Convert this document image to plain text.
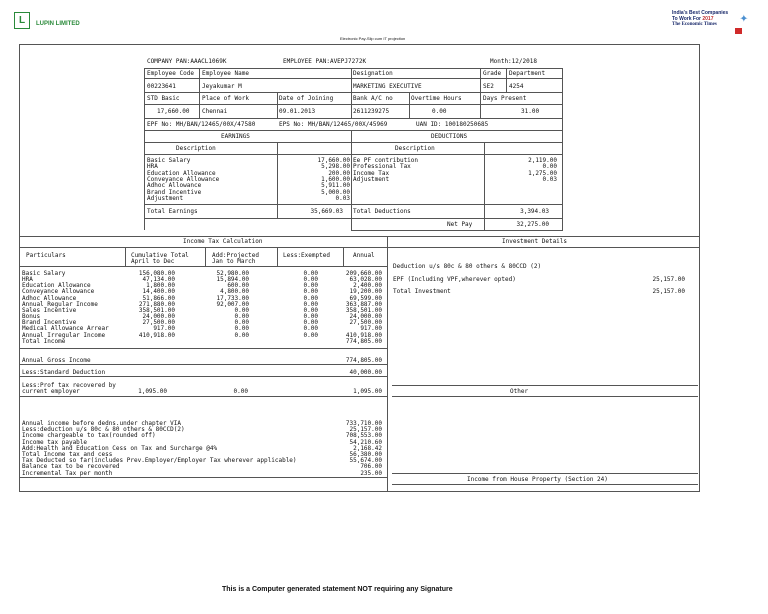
L	LUPIN LIMITED
India's Best Companies
To Work For 2017
The Economic Times	✦
Electronic Pay-Slip cum IT projection
COMPANY PAN:AAACL1069K	EMPLOYEE PAN:AVEPJ7272K	Month:12/2018
Employee Code Employee Name	Designation	Grade Department
00223641	Jeyakumar M	MARKETING EXECUTIVE	SE2	4254
STD Basic	Place of Work	Date of Joining	Bank A/C no	Overtime Hours	Days Present
17,660.00 Chennai	09.01.2013	2611239275	0.00	31.00
EPF No: MH/BAN/12465/00X/47580	EPS No: MH/BAN/12465/00X/45969	UAN ID: 100180250685
EARNINGS	DEDUCTIONS
Description	Description
Basic Salary	17,660.00
HRA	5,298.00
Education Allowance	200.00
Conveyance Allowance	1,600.00
Adhoc Allowance	5,911.00
Brand Incentive	5,000.00
Adjustment	0.03
Ee PF contribution	2,119.00
Professional Tax	0.00
Income Tax	1,275.00
Adjustment	0.03
Total Earnings	35,669.03 Total Deductions	3,394.03
Net Pay	32,275.00
Income Tax Calculation	Investment Details
Particulars	Cumulative Total
April to Dec
Add:Projected
Jan to March
Less:Exempted	Annual
Basic Salary	156,080.00	52,980.00	0.00	209,660.00
HRA	47,134.00	15,894.00	0.00	63,028.00
Education Allowance	1,800.00	600.00	0.00	2,400.00
Conveyance Allowance	14,400.00	4,800.00	0.00	19,200.00
Adhoc Allowance	51,866.00	17,733.00	0.00	69,599.00
Annual Regular Income	271,880.00	92,007.00	0.00	363,887.00
Sales Incentive	358,501.00	0.00	0.00	358,501.00
Bonus	24,000.00	0.00	0.00	24,000.00
Brand Incentive	27,500.00	0.00	0.00	27,500.00
Medical Allowance Arrear	917.00	0.00	0.00	917.00
Annual Irregular Income	410,918.00	0.00	0.00	410,918.00
Total Income	774,805.00
Annual Gross Income	774,805.00
Less:Standard Deduction	40,000.00
Less:Prof tax recovered by
current employer	1,095.00	0.00	1,095.00
Annual income before dedns.under chapter VIA	733,710.00
Less:deduction u/s 80c & 80 others & 80CCD(2)	25,157.00
Income chargeable to tax(rounded off)	708,553.00
Income tax payable	54,210.60
Add:Health and Education Cess on Tax and Surcharge @4%	2,168.42
Total Income tax and cess	56,380.00
Tax Deducted so far(includes Prev.Employer/Employer Tax wherever applicable)	55,674.00
Balance tax to be recovered	706.00
Incremental Tax per month	235.00
Deduction u/s 80c & 80 others & 80CCD (2)
EPF (Including VPF,wherever opted)	25,157.00
Total Investment	25,157.00
Other
Income from House Property (Section 24)
This is a Computer generated statement NOT requiring any Signature
